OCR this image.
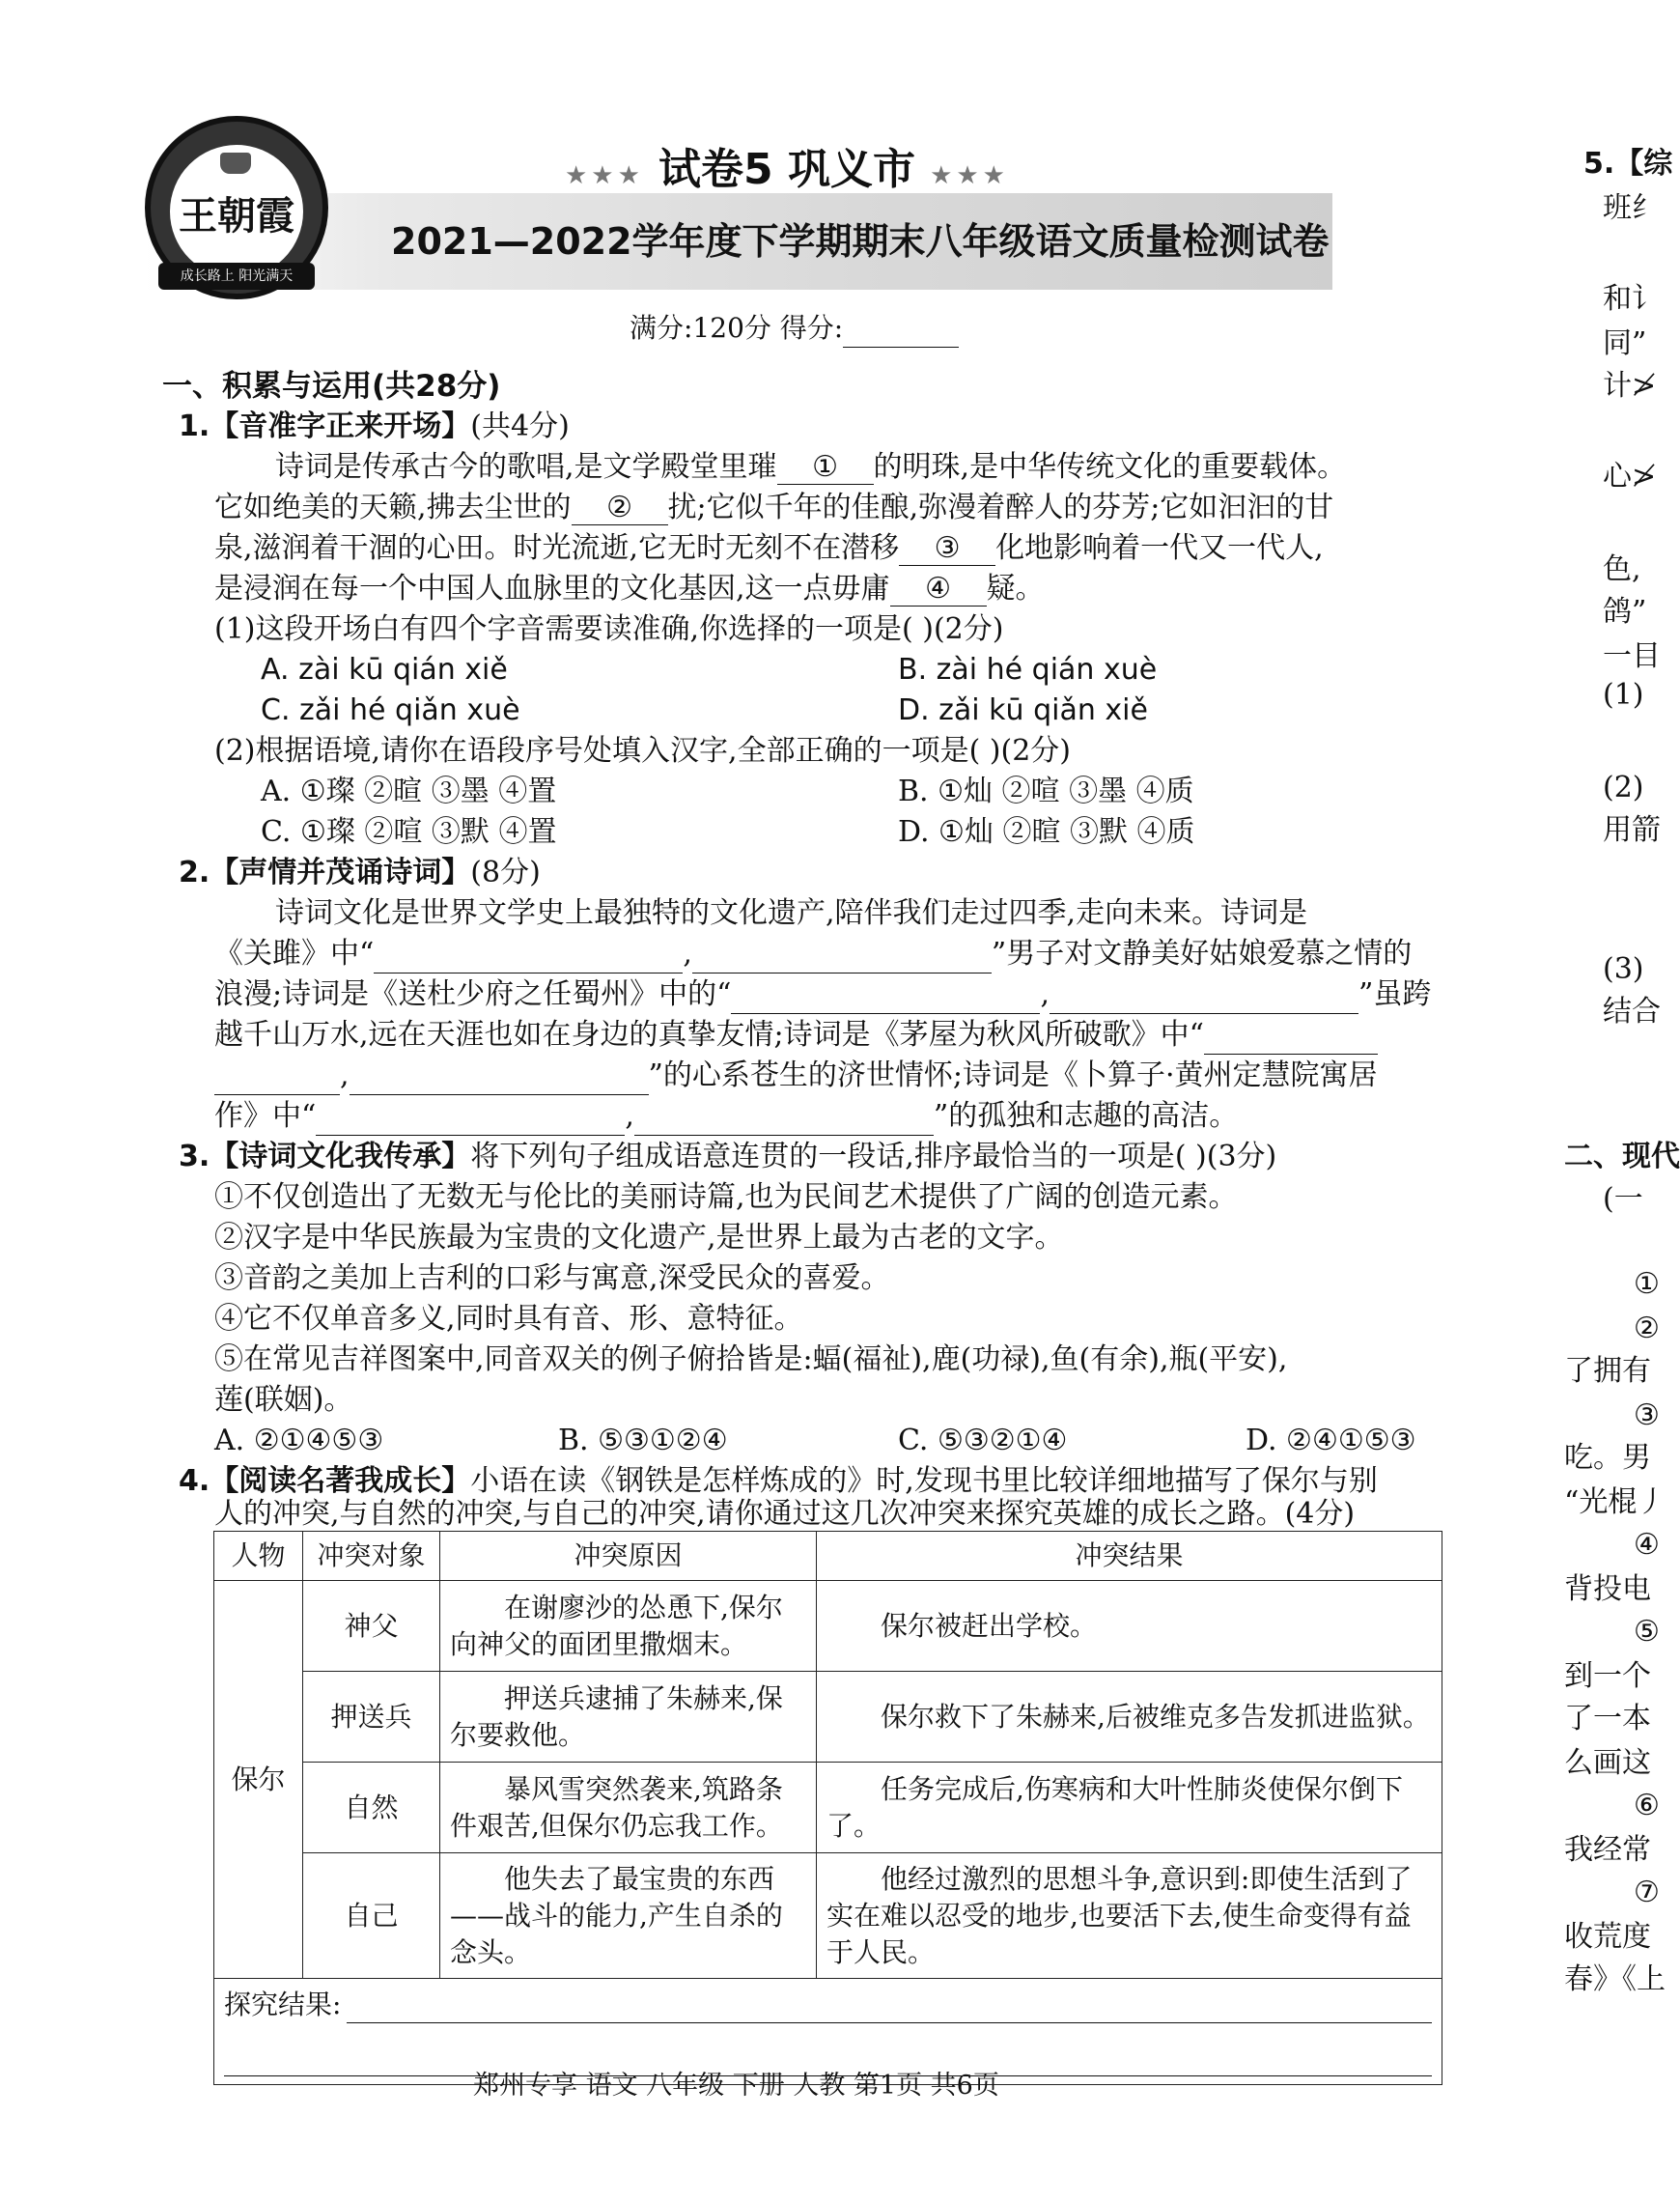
王朝霞
成长路上 阳光满天
★★★ 试卷5 巩义市 ★★★
2021—2022学年度下学期期末八年级语文质量检测试卷
满分:120分 得分:
一、积累与运用(共28分)
1.【音准字正来开场】(共4分)
诗词是传承古今的歌唱,是文学殿堂里璀 ① 的明珠,是中华传统文化的重要载体。
它如绝美的天籁,拂去尘世的 ② 扰;它似千年的佳酿,弥漫着醉人的芬芳;它如汩汩的甘
泉,滋润着干涸的心田。时光流逝,它无时无刻不在潜移 ③ 化地影响着一代又一代人,
是浸润在每一个中国人血脉里的文化基因,这一点毋庸 ④ 疑。
(1)这段开场白有四个字音需要读准确,你选择的一项是( )(2分)
A. zài kū qián xiě	B. zài hé qián xuè
C. zǎi hé qiǎn xuè	D. zǎi kū qiǎn xiě
(2)根据语境,请你在语段序号处填入汉字,全部正确的一项是( )(2分)
A. ①璨 ②暄 ③墨 ④置	B. ①灿 ②喧 ③墨 ④质
C. ①璨 ②喧 ③默 ④置	D. ①灿 ②暄 ③默 ④质
2.【声情并茂诵诗词】(8分)
诗词文化是世界文学史上最独特的文化遗产,陪伴我们走过四季,走向未来。诗词是
《关雎》中“	,	”男子对文静美好姑娘爱慕之情的
浪漫;诗词是《送杜少府之任蜀州》中的“	,	”虽跨
越千山万水,远在天涯也如在身边的真挚友情;诗词是《茅屋为秋风所破歌》中“
,	”的心系苍生的济世情怀;诗词是《卜算子·黄州定慧院寓居
作》中“	,	”的孤独和志趣的高洁。
3.【诗词文化我传承】将下列句子组成语意连贯的一段话,排序最恰当的一项是( )(3分)
①不仅创造出了无数无与伦比的美丽诗篇,也为民间艺术提供了广阔的创造元素。
②汉字是中华民族最为宝贵的文化遗产,是世界上最为古老的文字。
③音韵之美加上吉利的口彩与寓意,深受民众的喜爱。
④它不仅单音多义,同时具有音、形、意特征。
⑤在常见吉祥图案中,同音双关的例子俯拾皆是:蝠(福祉),鹿(功禄),鱼(有余),瓶(平安),
莲(联姻)。
A. ②①④⑤③	B. ⑤③①②④	C. ⑤③②①④	D. ②④①⑤③
4.【阅读名著我成长】小语在读《钢铁是怎样炼成的》时,发现书里比较详细地描写了保尔与别
人的冲突,与自然的冲突,与自己的冲突,请你通过这几次冲突来探究英雄的成长之路。(4分)
人物	冲突对象	冲突原因	冲突结果
保尔	神父	在谢廖沙的怂恿下,保尔向神父的面团里撒烟末。	保尔被赶出学校。
	押送兵	押送兵逮捕了朱赫来,保尔要救他。	保尔救下了朱赫来,后被维克多告发抓进监狱。
	自然	暴风雪突然袭来,筑路条件艰苦,但保尔仍忘我工作。	任务完成后,伤寒病和大叶性肺炎使保尔倒下了。
	自己	他失去了最宝贵的东西——战斗的能力,产生自杀的念头。	他经过激烈的思想斗争,意识到:即使生活到了实在难以忍受的地步,也要活下去,使生命变得有益于人民。

探究结果:			
郑州专享 语文 八年级 下册 人教 第1页 共6页
5.【综
班纟
和讠
同”
计≯
心≯
色,
鸽”
一目
(1)
(2)
用箭
(3)
结合
二、现代
(一
①
②
了拥有
③
吃。男
“光棍丿
④
背投电
⑤
到一个
了一本
么画这
⑥
我经常
⑦
收荒度
春》《上
